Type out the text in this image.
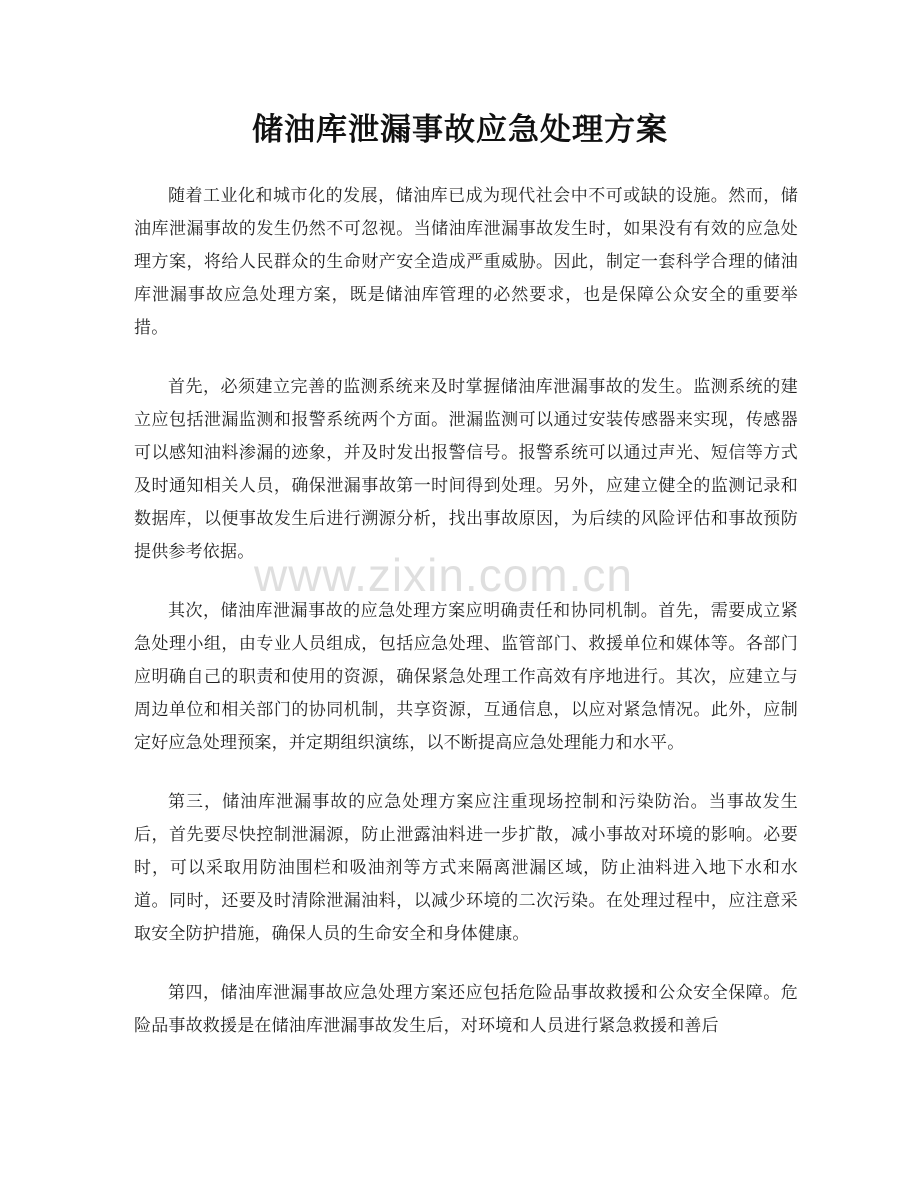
储油库泄漏事故应急处理方案

随着工业化和城市化的发展，储油库已成为现代社会中不可或缺的设施。然而，储油库泄漏事故的发生仍然不可忽视。当储油库泄漏事故发生时，如果没有有效的应急处理方案，将给人民群众的生命财产安全造成严重威胁。因此，制定一套科学合理的储油库泄漏事故应急处理方案，既是储油库管理的必然要求，也是保障公众安全的重要举措。

首先，必须建立完善的监测系统来及时掌握储油库泄漏事故的发生。监测系统的建立应包括泄漏监测和报警系统两个方面。泄漏监测可以通过安装传感器来实现，传感器可以感知油料渗漏的迹象，并及时发出报警信号。报警系统可以通过声光、短信等方式及时通知相关人员，确保泄漏事故第一时间得到处理。另外，应建立健全的监测记录和数据库，以便事故发生后进行溯源分析，找出事故原因，为后续的风险评估和事故预防提供参考依据。

其次，储油库泄漏事故的应急处理方案应明确责任和协同机制。首先，需要成立紧急处理小组，由专业人员组成，包括应急处理、监管部门、救援单位和媒体等。各部门应明确自己的职责和使用的资源，确保紧急处理工作高效有序地进行。其次，应建立与周边单位和相关部门的协同机制，共享资源，互通信息，以应对紧急情况。此外，应制定好应急处理预案，并定期组织演练，以不断提高应急处理能力和水平。

第三，储油库泄漏事故的应急处理方案应注重现场控制和污染防治。当事故发生后，首先要尽快控制泄漏源，防止泄露油料进一步扩散，减小事故对环境的影响。必要时，可以采取用防油围栏和吸油剂等方式来隔离泄漏区域，防止油料进入地下水和水道。同时，还要及时清除泄漏油料，以减少环境的二次污染。在处理过程中，应注意采取安全防护措施，确保人员的生命安全和身体健康。

第四，储油库泄漏事故应急处理方案还应包括危险品事故救援和公众安全保障。危险品事故救援是在储油库泄漏事故发生后，对环境和人员进行紧急救援和善后

www.zixin.com.cn
